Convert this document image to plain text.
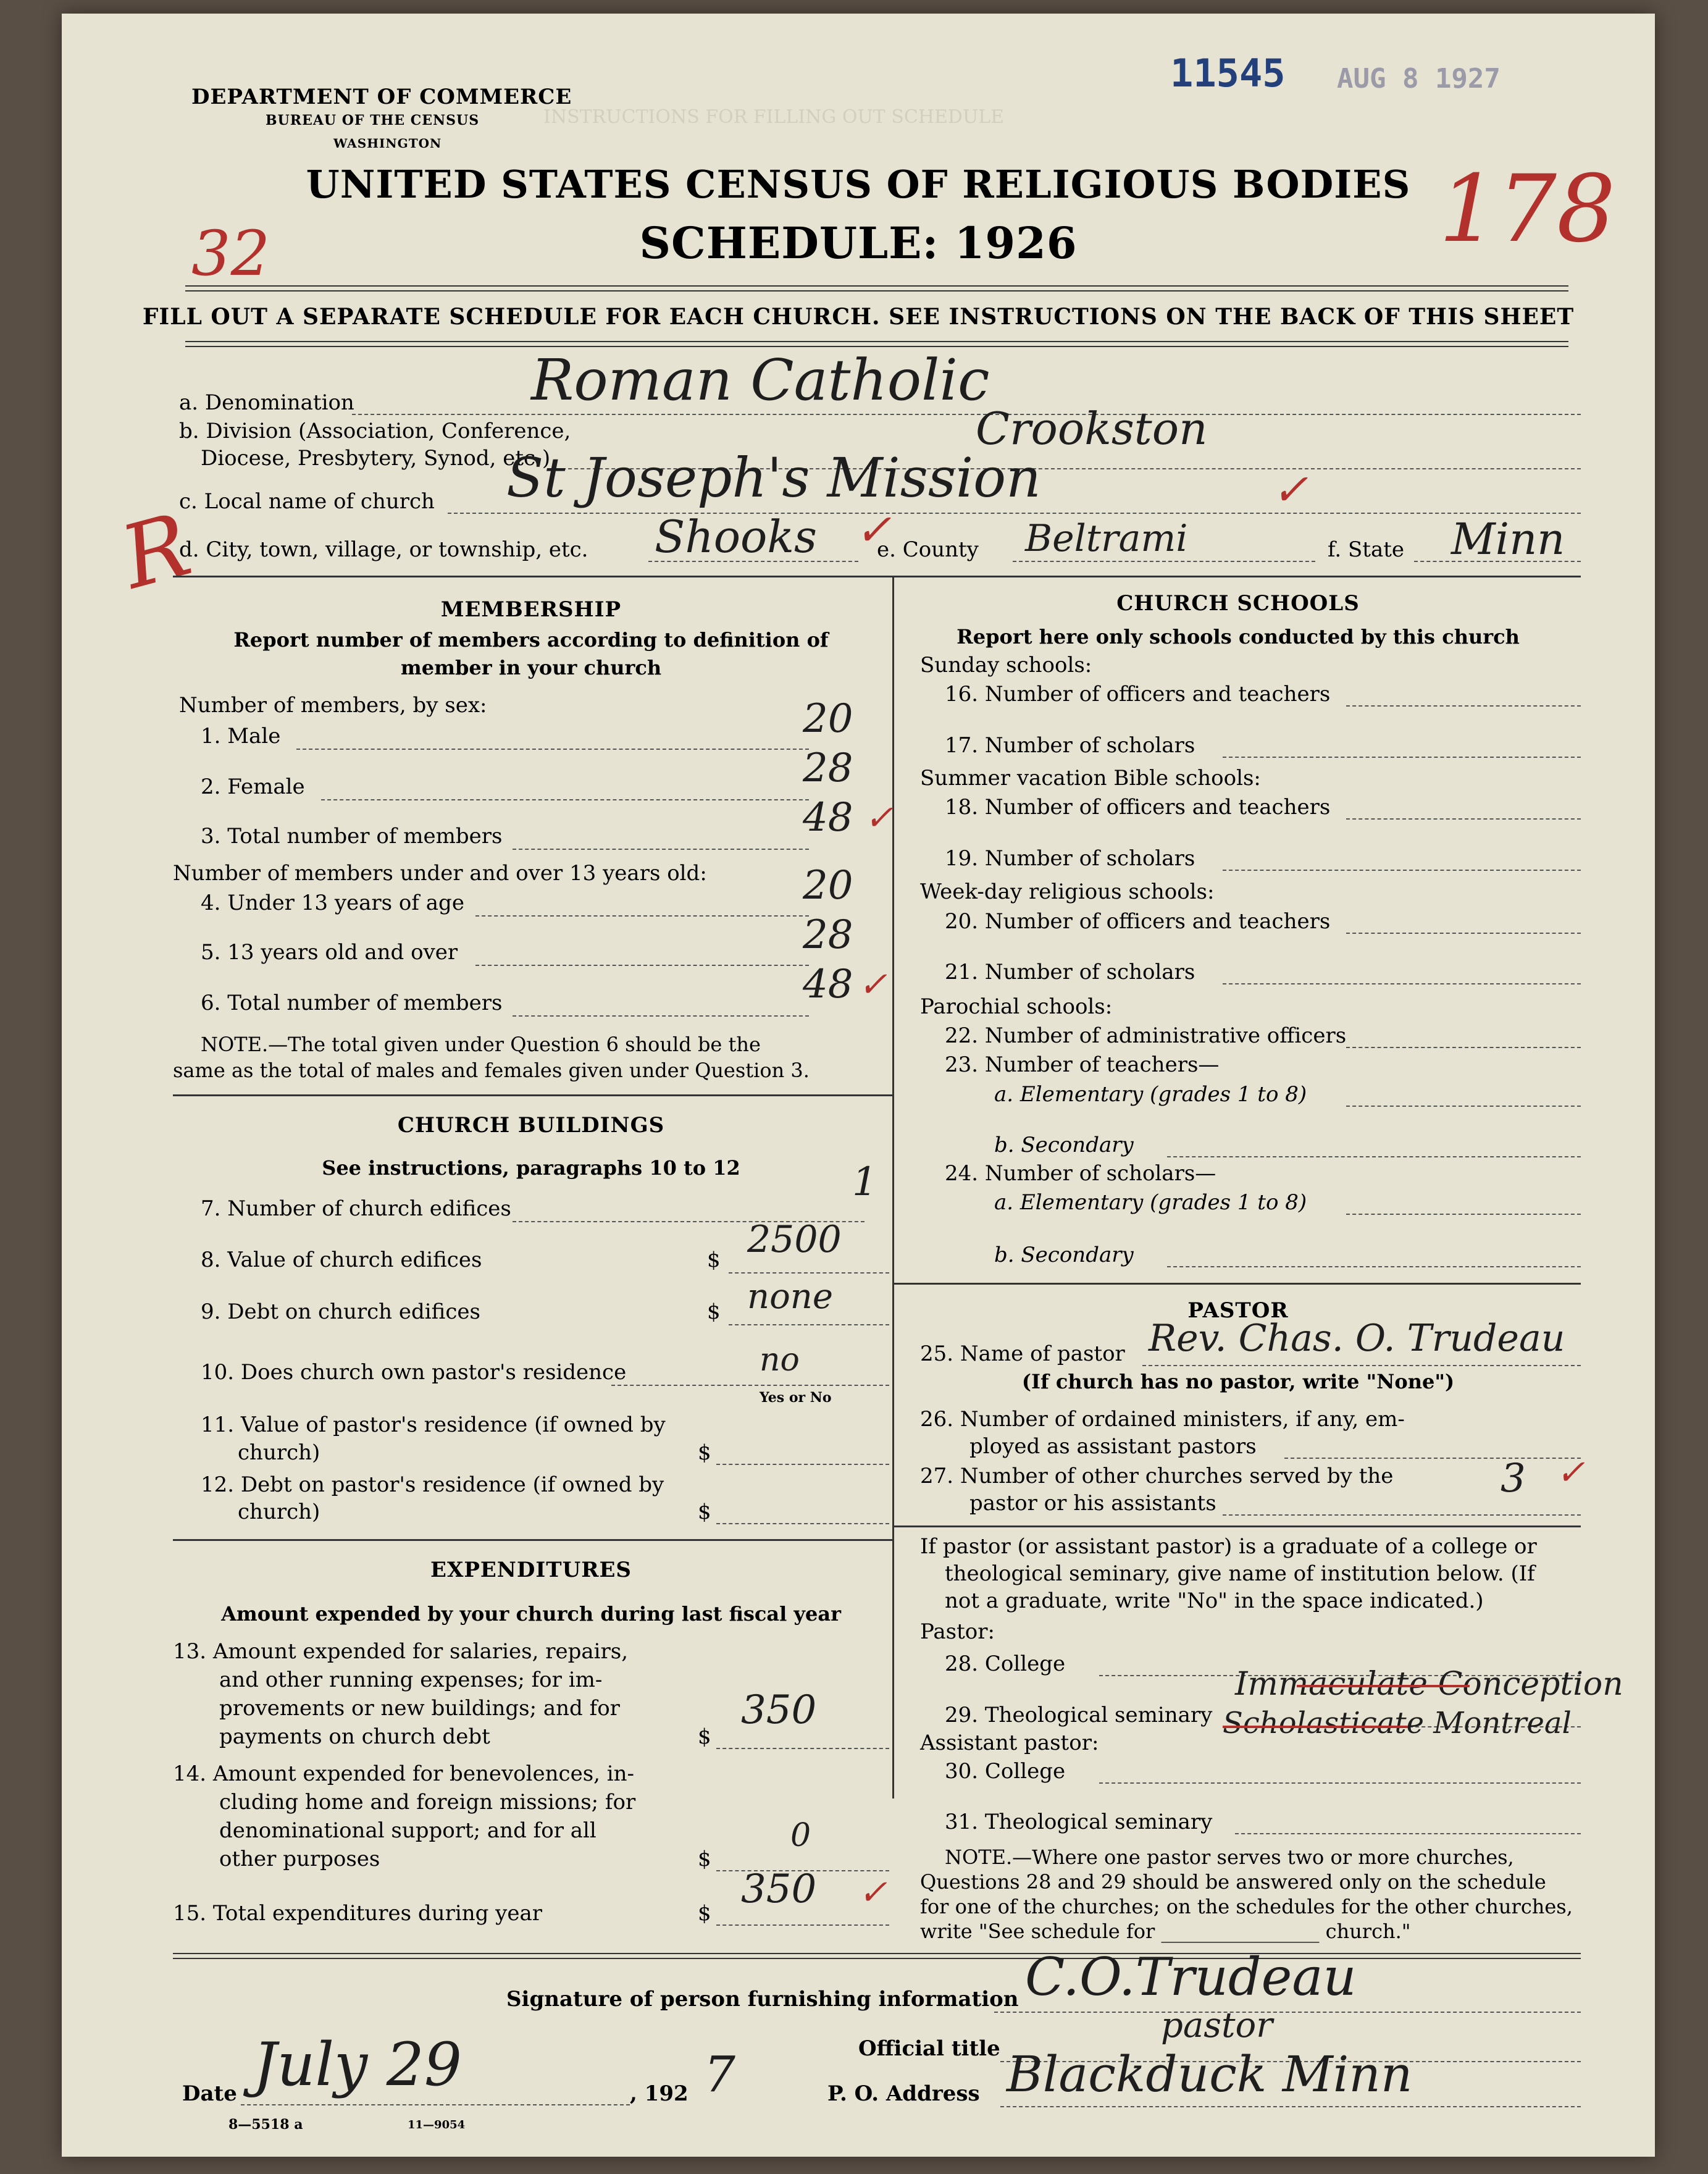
INSTRUCTIONS FOR FILLING OUT SCHEDULE
11545 AUG 8 1927
32	178
R
DEPARTMENT OF COMMERCE
BUREAU OF THE CENSUS
WASHINGTON
UNITED STATES CENSUS OF RELIGIOUS BODIES
SCHEDULE: 1926
FILL OUT A SEPARATE SCHEDULE FOR EACH CHURCH. SEE INSTRUCTIONS ON THE BACK OF THIS SHEET
a. Denomination	Roman Catholic
b. Division (Association, Conference,
Diocese, Presbytery, Synod, etc.)
Crookston
c. Local name of church St Joseph's Mission
d. City, town, village, or township, etc. Shooks ✓
e. County Beltrami
✓
f. State Minn
MEMBERSHIP
Report number of members according to definition of
member in your church
Number of members, by sex:
1. Male	20
2. Female	28
3. Total number of members	48 ✓
Number of members under and over 13 years old:
4. Under 13 years of age	20
5. 13 years old and over	28
6. Total number of members	48 ✓
NOTE.—The total given under Question 6 should be the
same as the total of males and females given under Question 3.
CHURCH BUILDINGS
See instructions, paragraphs 10 to 12
7. Number of church edifices
1
8. Value of church edifices	$ 2500
9. Debt on church edifices	$ none
10. Does church own pastor's residence	no
Yes or No
11. Value of pastor's residence (if owned by
church)	$
12. Debt on pastor's residence (if owned by
church)	$
EXPENDITURES
Amount expended by your church during last fiscal year
13. Amount expended for salaries, repairs,
and other running expenses; for im-
provements or new buildings; and for
payments on church debt	$
350
14. Amount expended for benevolences, in-
cluding home and foreign missions; for
denominational support; and for all
other purposes	$
0
15. Total expenditures during year	$
350 ✓
CHURCH SCHOOLS
Report here only schools conducted by this church
Sunday schools:
16. Number of officers and teachers
17. Number of scholars
Summer vacation Bible schools:
18. Number of officers and teachers
19. Number of scholars
Week-day religious schools:
20. Number of officers and teachers
21. Number of scholars
Parochial schools:
22. Number of administrative officers
23. Number of teachers—
a. Elementary (grades 1 to 8)
b. Secondary
24. Number of scholars—
a. Elementary (grades 1 to 8)
b. Secondary
PASTOR
25. Name of pastor Rev. Chas. O. Trudeau
(If church has no pastor, write "None")
26. Number of ordained ministers, if any, em-
ployed as assistant pastors
27. Number of other churches served by the
pastor or his assistants
3 ✓
If pastor (or assistant pastor) is a graduate of a college or
theological seminary, give name of institution below. (If
not a graduate, write "No" in the space indicated.)
Pastor:
28. College
29. Theological seminary
Immaculate Conception
Scholasticate Montreal
Assistant pastor:
30. College
31. Theological seminary
NOTE.—Where one pastor serves two or more churches,
Questions 28 and 29 should be answered only on the schedule
for one of the churches; on the schedules for the other churches,
write "See schedule for ________________ church."
Signature of person furnishing information C.O.Trudeau
Official title
pastor
Date July 29	, 192 7	P. O. Address Blackduck Minn
8—5518 a	11—9054
